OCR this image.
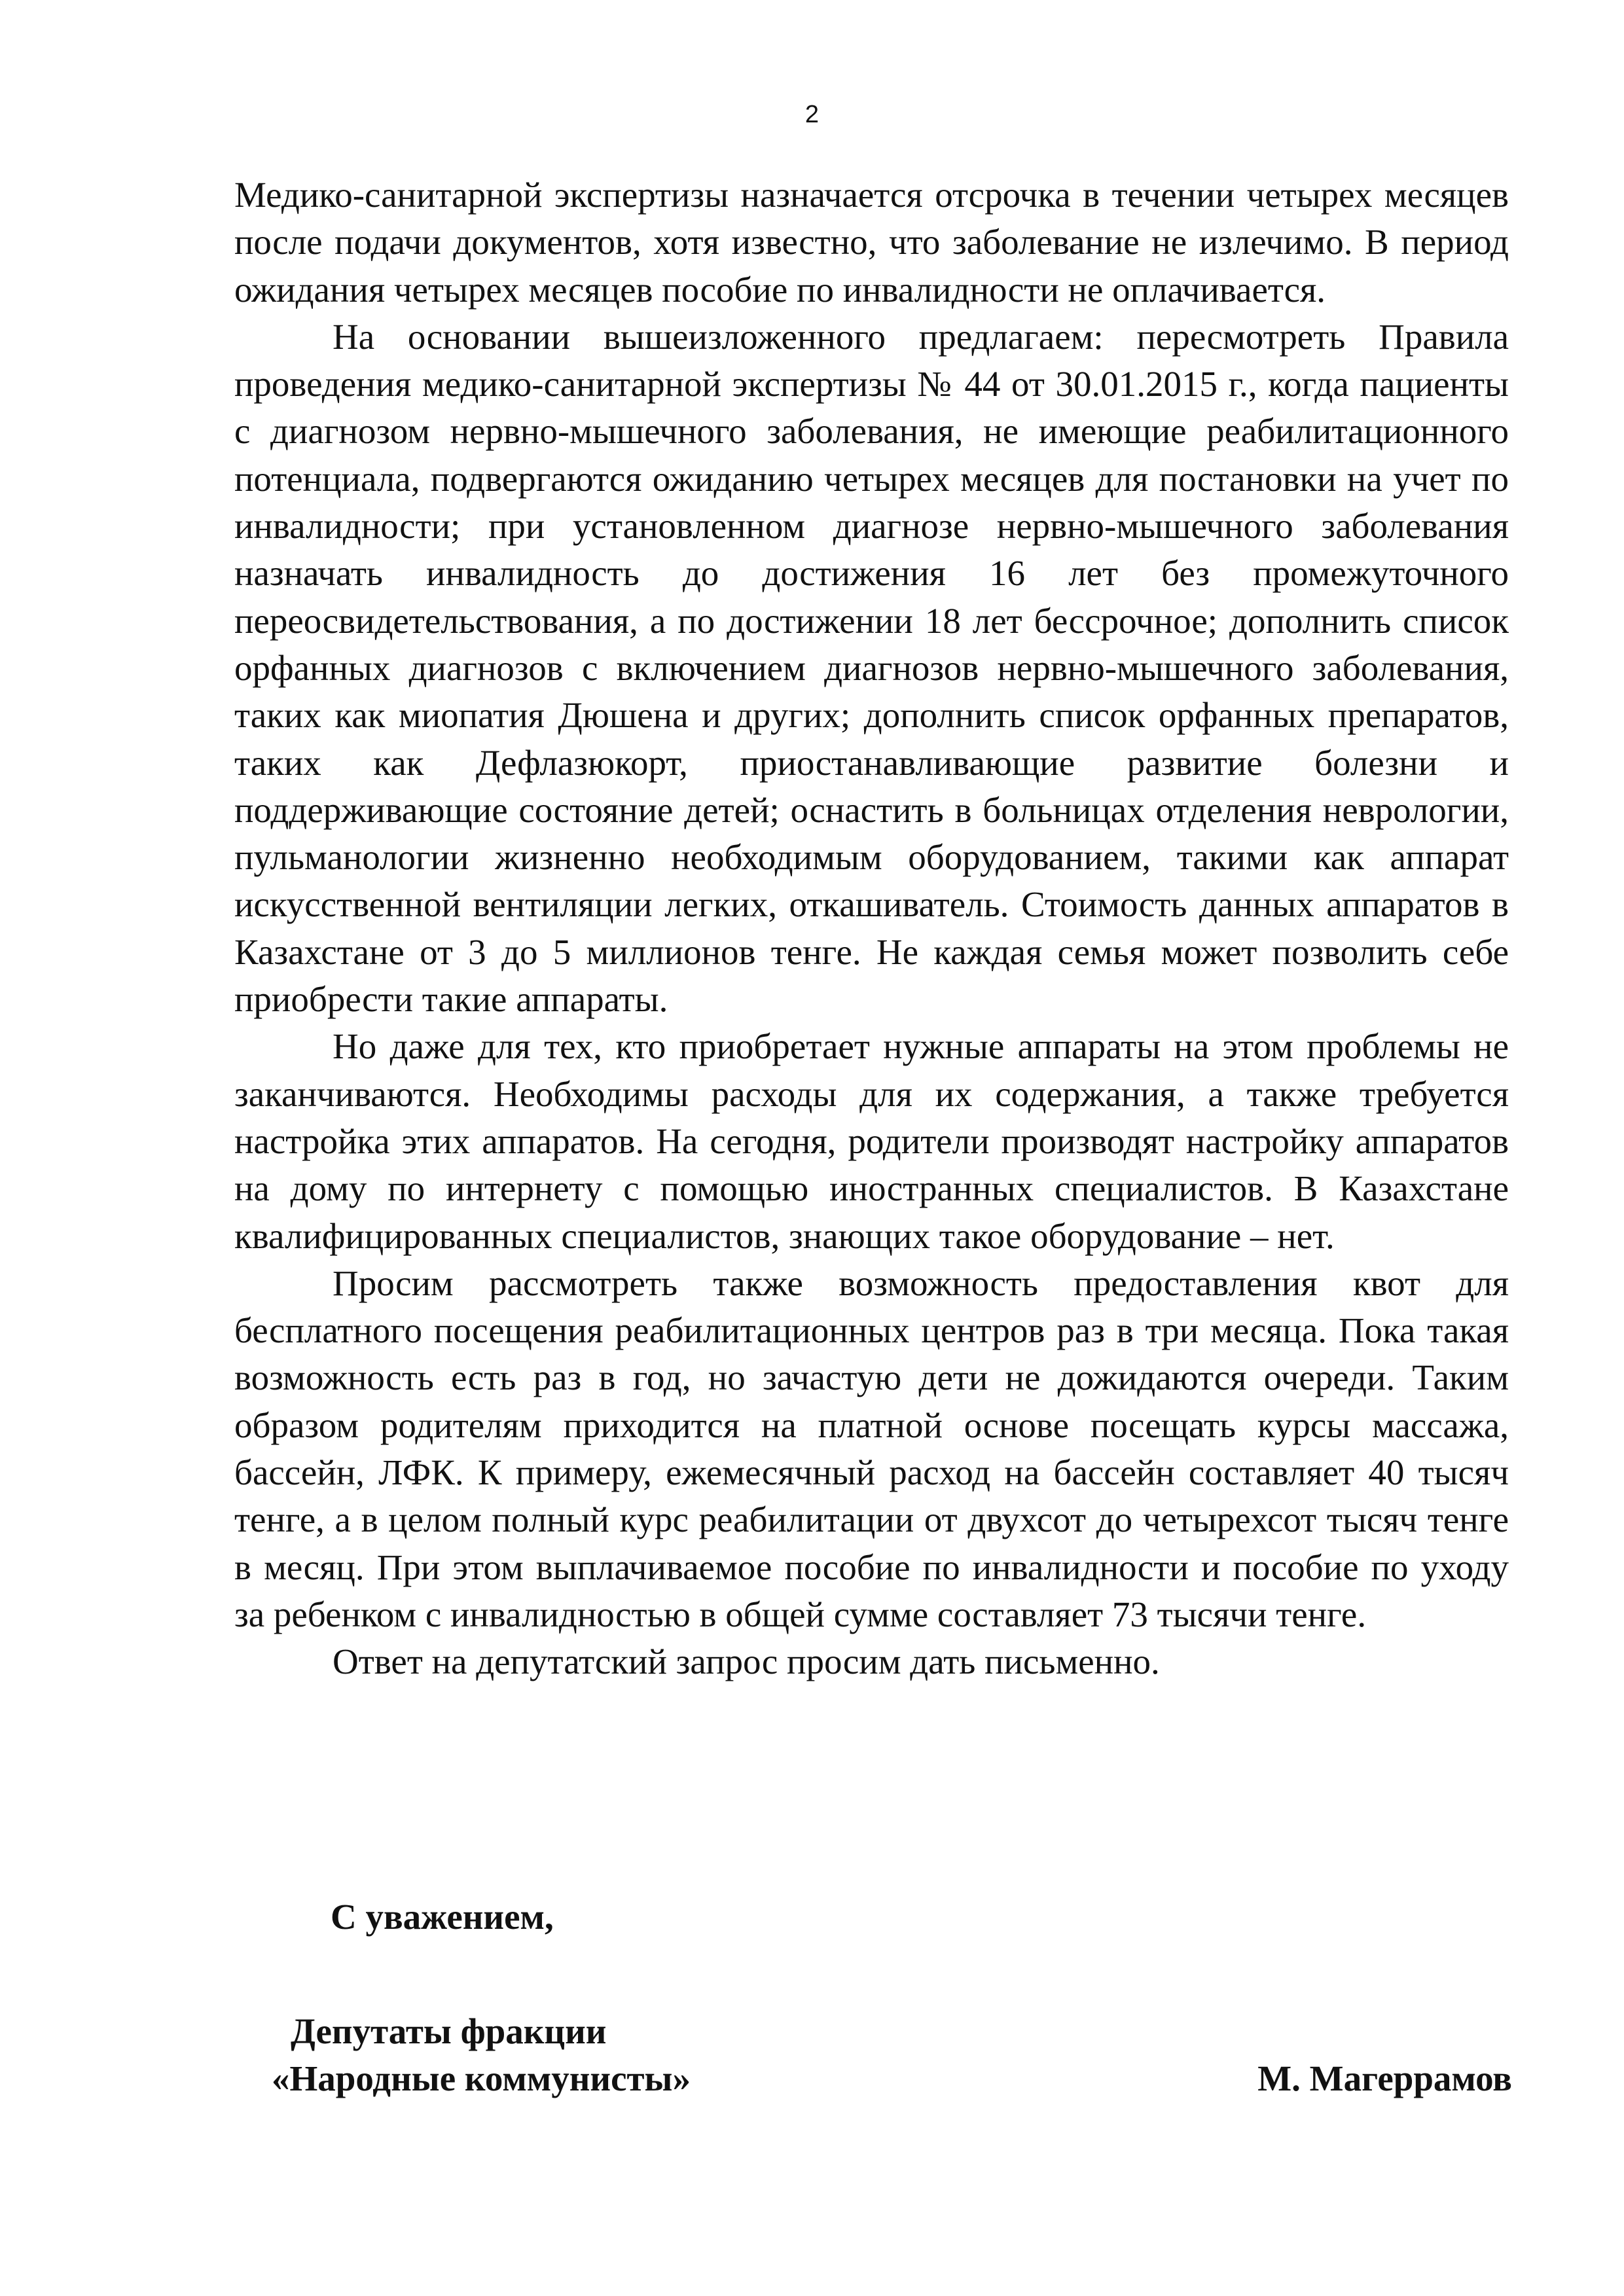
2

Медико-санитарной экспертизы назначается отсрочка в течении четырех месяцев после подачи документов, хотя известно, что заболевание не излечимо. В период ожидания четырех месяцев пособие по инвалидности не оплачивается.

На основании вышеизложенного предлагаем: пересмотреть Правила проведения медико-санитарной экспертизы № 44 от 30.01.2015 г., когда пациенты с диагнозом нервно-мышечного заболевания, не имеющие реабилитационного потенциала, подвергаются ожиданию четырех месяцев для постановки на учет по инвалидности; при установленном диагнозе нервно-мышечного заболевания назначать инвалидность до достижения 16 лет без промежуточного переосвидетельствования, а по достижении 18 лет бессрочное; дополнить список орфанных диагнозов с включением диагнозов нервно-мышечного заболевания, таких как миопатия Дюшена и других; дополнить список орфанных препаратов, таких как Дефлазюкорт, приостанавливающие развитие болезни и поддерживающие состояние детей; оснастить в больницах отделения неврологии, пульманологии жизненно необходимым оборудованием, такими как аппарат искусственной вентиляции легких, откашиватель. Стоимость данных аппаратов в Казахстане от 3 до 5 миллионов тенге. Не каждая семья может позволить себе приобрести такие аппараты.

Но даже для тех, кто приобретает нужные аппараты на этом проблемы не заканчиваются. Необходимы расходы для их содержания, а также требуется настройка этих аппаратов. На сегодня, родители производят настройку аппаратов на дому по интернету с помощью иностранных специалистов. В Казахстане квалифицированных специалистов, знающих такое оборудование – нет.

Просим рассмотреть также возможность предоставления квот для бесплатного посещения реабилитационных центров раз в три месяца. Пока такая возможность есть раз в год, но зачастую дети не дожидаются очереди. Таким образом родителям приходится на платной основе посещать курсы массажа, бассейн, ЛФК. К примеру, ежемесячный расход на бассейн составляет 40 тысяч тенге, а в целом полный курс реабилитации от двухсот до четырехсот тысяч тенге в месяц. При этом выплачиваемое пособие по инвалидности и пособие по уходу за ребенком с инвалидностью в общей сумме составляет 73 тысячи тенге.

Ответ на депутатский запрос просим дать письменно.

С уважением,
Депутаты фракции
«Народные коммунисты»	М. Магеррамов
